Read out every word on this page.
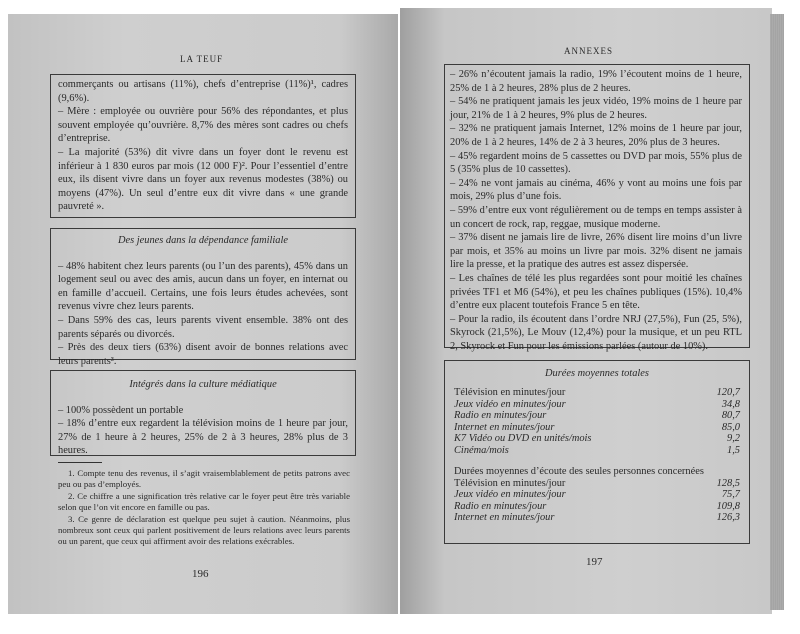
LA TEUF

commerçants ou artisans (11%), chefs d’entreprise (11%)¹, cadres (9,6%).

– Mère : employée ou ouvrière pour 56% des répondantes, et plus souvent employée qu’ouvrière. 8,7% des mères sont cadres ou chefs d’entreprise.

– La majorité (53%) dit vivre dans un foyer dont le revenu est inférieur à 1 830 euros par mois (12 000 F)². Pour l’essentiel d’entre eux, ils disent vivre dans un foyer aux revenus modestes (38%) ou moyens (47%). Un seul d’entre eux dit vivre dans « une grande pauvreté ».

Des jeunes dans la dépendance familiale

– 48% habitent chez leurs parents (ou l’un des parents), 45% dans un logement seul ou avec des amis, aucun dans un foyer, en internat ou en famille d’accueil. Certains, une fois leurs études achevées, sont revenus vivre chez leurs parents.

– Dans 59% des cas, leurs parents vivent ensemble. 38% ont des parents séparés ou divorcés.

– Près des deux tiers (63%) disent avoir de bonnes relations avec leurs parents³.

Intégrés dans la culture médiatique

– 100% possèdent un portable

– 18% d’entre eux regardent la télévision moins de 1 heure par jour, 27% de 1 heure à 2 heures, 25% de 2 à 3 heures, 28% plus de 3 heures.

1. Compte tenu des revenus, il s’agit vraisemblablement de petits patrons avec peu ou pas d’employés.

2. Ce chiffre a une signification très relative car le foyer peut être très variable selon que l’on vit encore en famille ou pas.

3. Ce genre de déclaration est quelque peu sujet à caution. Néanmoins, plus nombreux sont ceux qui parlent positivement de leurs relations avec leurs parents ou un parent, que ceux qui affirment avoir des relations exécrables.

196
ANNEXES

– 26% n’écoutent jamais la radio, 19% l’écoutent moins de 1 heure, 25% de 1 à 2 heures, 28% plus de 2 heures.

– 54% ne pratiquent jamais les jeux vidéo, 19% moins de 1 heure par jour, 21% de 1 à 2 heures, 9% plus de 2 heures.

– 32% ne pratiquent jamais Internet, 12% moins de 1 heure par jour, 20% de 1 à 2 heures, 14% de 2 à 3 heures, 20% plus de 3 heures.

– 45% regardent moins de 5 cassettes ou DVD par mois, 55% plus de 5 (35% plus de 10 cassettes).

– 24% ne vont jamais au cinéma, 46% y vont au moins une fois par mois, 29% plus d’une fois.

– 59% d’entre eux vont régulièrement ou de temps en temps assister à un concert de rock, rap, reggae, musique moderne.

– 37% disent ne jamais lire de livre, 26% disent lire moins d’un livre par mois, et 35% au moins un livre par mois. 32% disent ne jamais lire la presse, et la pratique des autres est assez dispersée.

– Les chaînes de télé les plus regardées sont pour moitié les chaînes privées TF1 et M6 (54%), et peu les chaînes publiques (15%). 10,4% d’entre eux placent toutefois France 5 en tête.

– Pour la radio, ils écoutent dans l’ordre NRJ (27,5%), Fun (25, 5%), Skyrock (21,5%), Le Mouv (12,4%) pour la musique, et un peu RTL 2, Skyrock et Fun pour les émissions parlées (autour de 10%).

Durées moyennes totales
Télévision en minutes/jour	120,7
Jeux vidéo en minutes/jour	34,8
Radio en minutes/jour	80,7
Internet en minutes/jour	85,0
K7 Vidéo ou DVD en unités/mois	9,2
Cinéma/mois	1,5
Durées moyennes d’écoute des seules personnes concernées
Télévision en minutes/jour	128,5
Jeux vidéo en minutes/jour	75,7
Radio en minutes/jour	109,8
Internet en minutes/jour	126,3
197
